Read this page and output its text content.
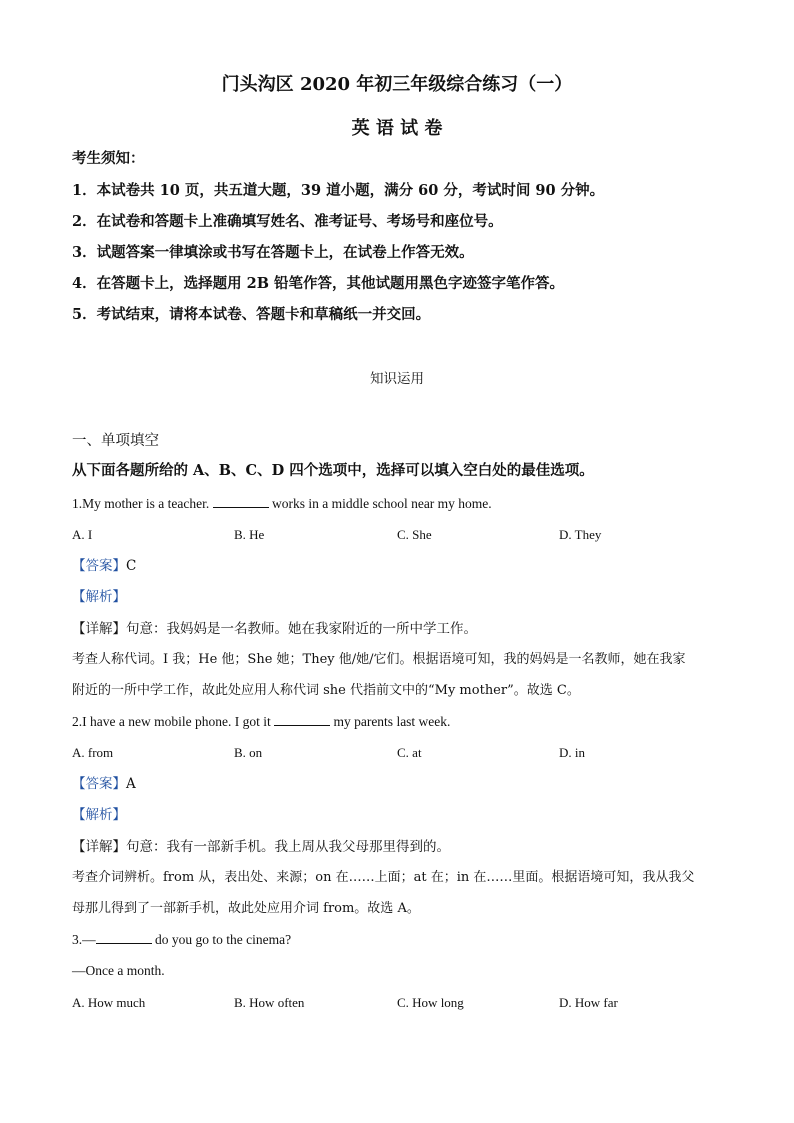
门头沟区 2020 年初三年级综合练习（一）
英 语 试 卷
考生须知：
1．本试卷共 10 页，共五道大题，39 道小题，满分 60 分，考试时间 90 分钟。
2．在试卷和答题卡上准确填写姓名、准考证号、考场号和座位号。
3．试题答案一律填涂或书写在答题卡上，在试卷上作答无效。
4．在答题卡上，选择题用 2B 铅笔作答，其他试题用黑色字迹签字笔作答。
5．考试结束，请将本试卷、答题卡和草稿纸一并交回。
知识运用
一、单项填空
从下面各题所给的 A、B、C、D 四个选项中，选择可以填入空白处的最佳选项。
1.My mother is a teacher.	works in a middle school near my home.
A. I	B. He	C. She	D. They
【答案】C
【解析】
【详解】句意：我妈妈是一名教师。她在我家附近的一所中学工作。
考查人称代词。I 我；He 他；She 她；They 他/她/它们。根据语境可知，我的妈妈是一名教师，她在我家
附近的一所中学工作，故此处应用人称代词 she 代指前文中的“My mother”。故选 C。
2.I have a new mobile phone. I got it	my parents last week.
A. from	B. on	C. at	D. in
【答案】A
【解析】
【详解】句意：我有一部新手机。我上周从我父母那里得到的。
考查介词辨析。from 从，表出处、来源；on 在……上面；at 在；in 在……里面。根据语境可知，我从我父
母那儿得到了一部新手机，故此处应用介词 from。故选 A。
3.—	do you go to the cinema?
—Once a month.
A. How much	B. How often	C. How long	D. How far
